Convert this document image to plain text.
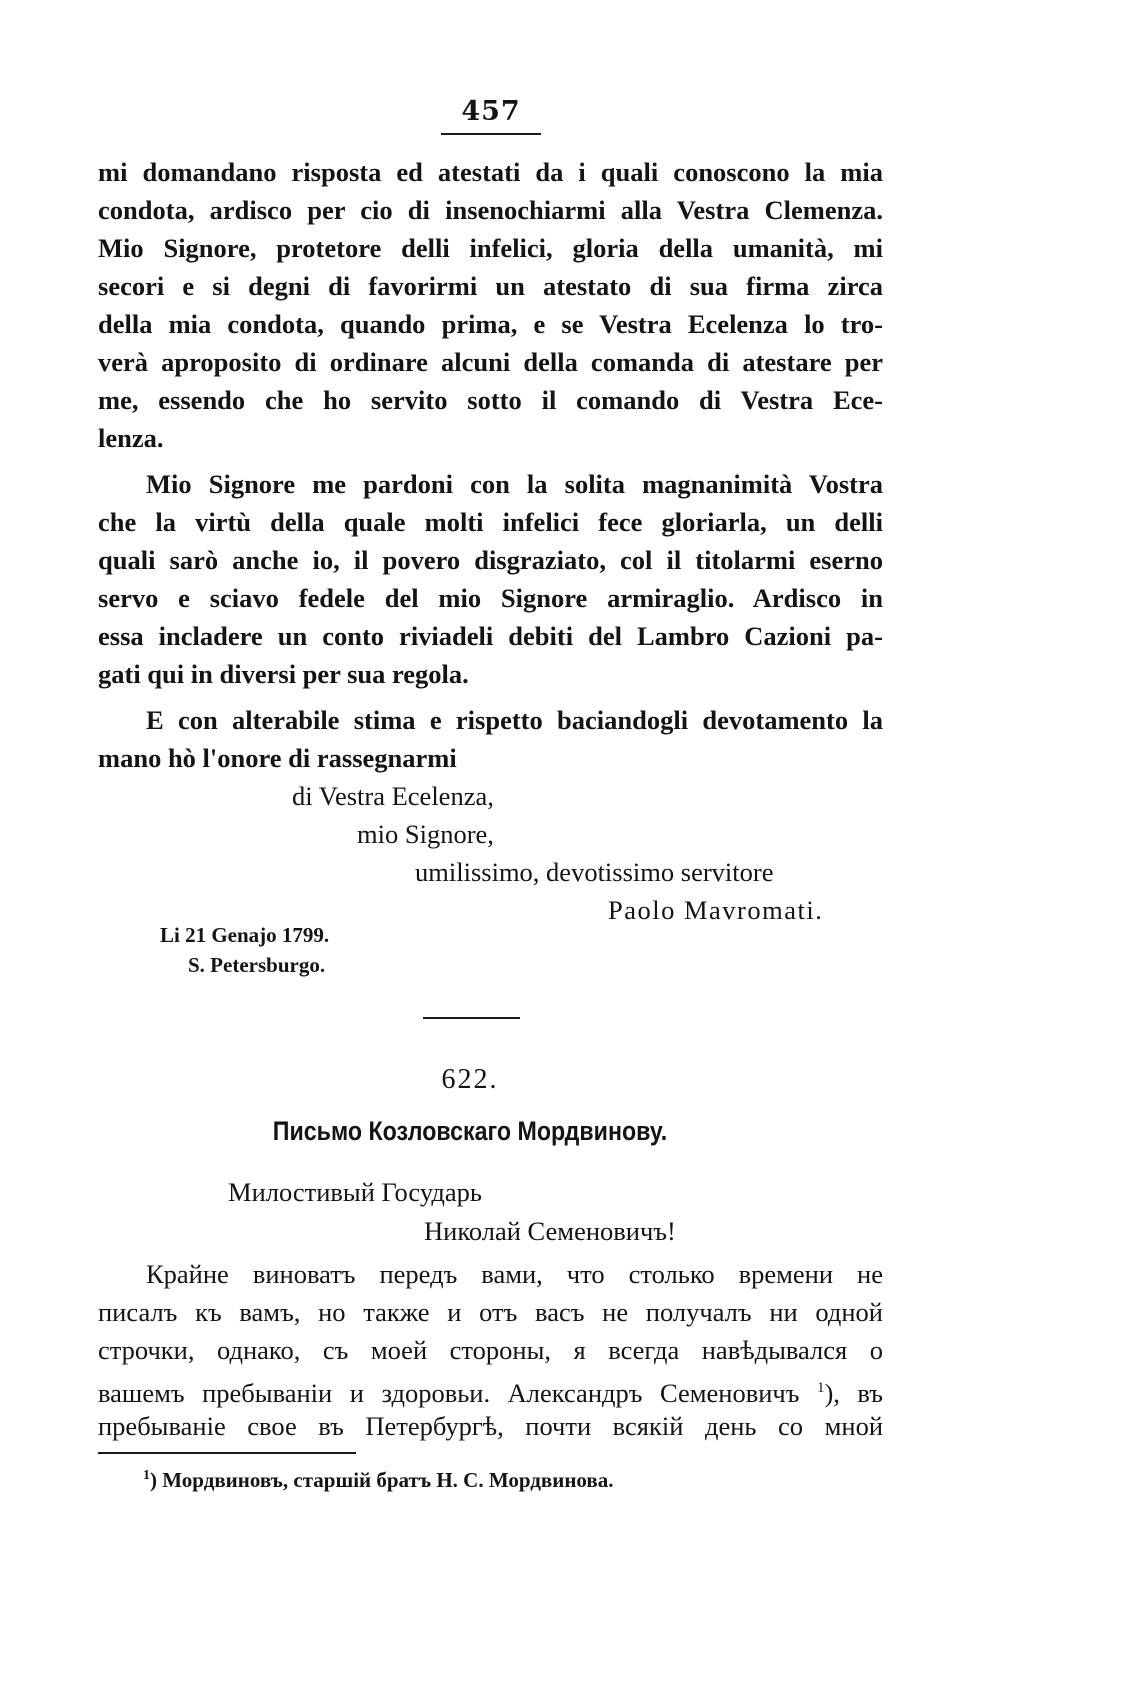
457
mi domandano risposta ed atestati da i quali conoscono la mia
condota, ardisco per cio di insenochiarmi alla Vestra Clemenza.
Mio Signore, protetore delli infelici, gloria della umanità, mi
secori e si degni di favorirmi un atestato di sua firma zirca
della mia condota, quando prima, e se Vestra Ecelenza lo tro-
verà aproposito di ordinare alcuni della comanda di atestare per
me, essendo che ho servito sotto il comando di Vestra Ece-
lenza.
Mio Signore me pardoni con la solita magnanimità Vostra
che la virtù della quale molti infelici fece gloriarla, un delli
quali sarò anche io, il povero disgraziato, col il titolarmi eserno
servo e sciavo fedele del mio Signore armiraglio. Ardisco in
essa incladere un conto riviadeli debiti del Lambro Cazioni pa-
gati qui in diversi per sua regola.
E con alterabile stima e rispetto baciandogli devotamento la
mano hò l'onore di rassegnarmi
di Vestra Ecelenza,
mio Signore,
umilissimo, devotissimo servitore
Paolo Mavromati.
Li 21 Genajo 1799.
S. Petersburgo.
622.
Письмо Козловскаго Мордвинову.
Милостивый Государь
Николай Семеновичъ!
Крайне виноватъ передъ вами, что столько времени не
писалъ къ вамъ, но также и отъ васъ не получалъ ни одной
строчки, однако, съ моей стороны, я всегда навѣдывался о
вашемъ пребыванiи и здоровьи. Александръ Семеновичъ $^1$), въ
пребыванiе свое въ Петербургѣ, почти всякiй день со мной
$^1$) Мордвиновъ, старшiй братъ Н. С. Мордвинова.
